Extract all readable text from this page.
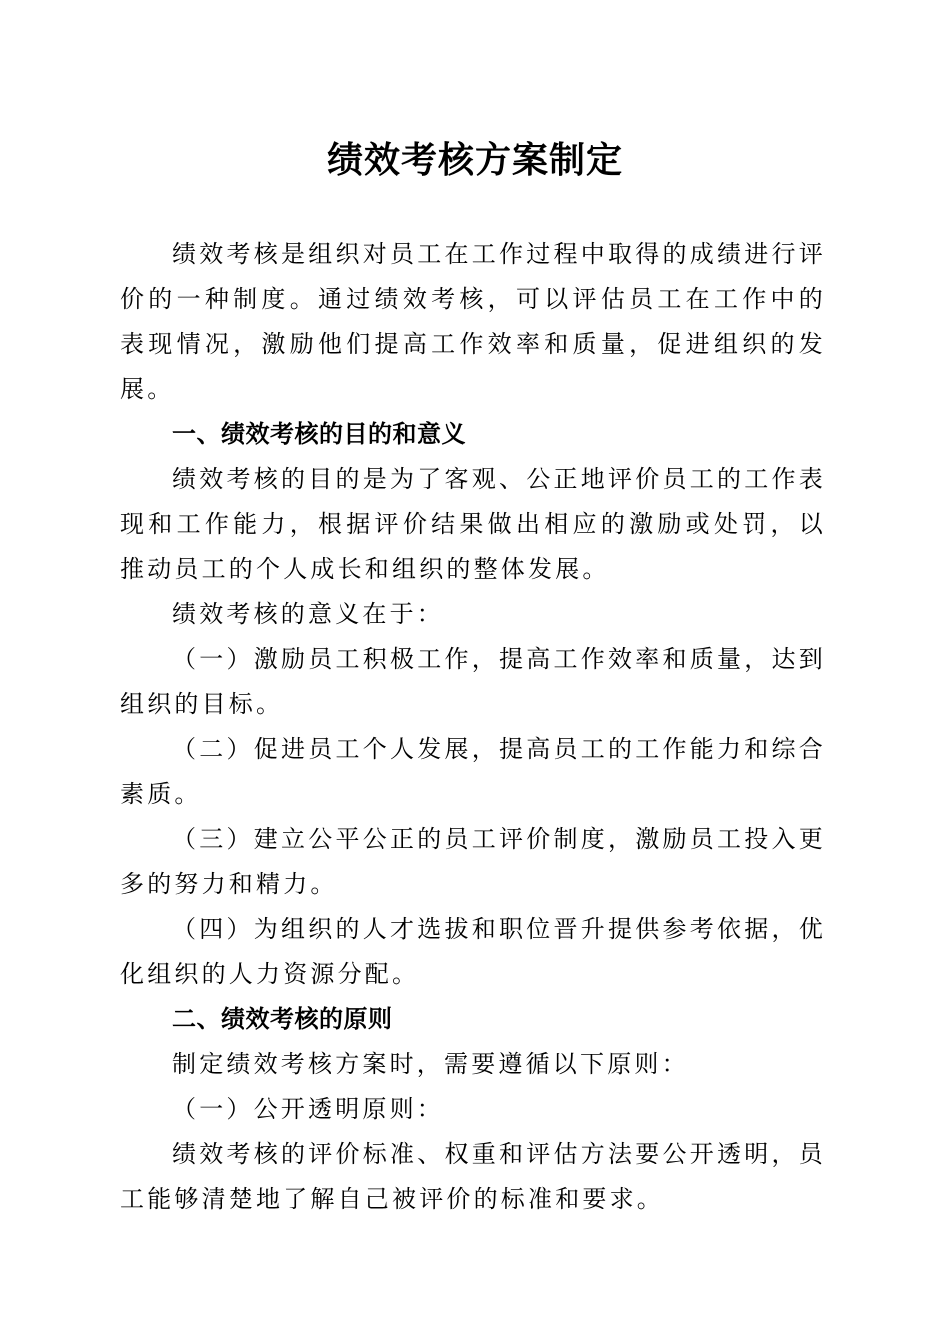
绩效考核方案制定

绩效考核是组织对员工在工作过程中取得的成绩进行评价的一种制度。通过绩效考核，可以评估员工在工作中的表现情况，激励他们提高工作效率和质量，促进组织的发展。

一、绩效考核的目的和意义

绩效考核的目的是为了客观、公正地评价员工的工作表现和工作能力，根据评价结果做出相应的激励或处罚，以推动员工的个人成长和组织的整体发展。

绩效考核的意义在于：

（一）激励员工积极工作，提高工作效率和质量，达到组织的目标。

（二）促进员工个人发展，提高员工的工作能力和综合素质。

（三）建立公平公正的员工评价制度，激励员工投入更多的努力和精力。

（四）为组织的人才选拔和职位晋升提供参考依据，优化组织的人力资源分配。

二、绩效考核的原则

制定绩效考核方案时，需要遵循以下原则：

（一）公开透明原则：

绩效考核的评价标准、权重和评估方法要公开透明，员工能够清楚地了解自己被评价的标准和要求。
